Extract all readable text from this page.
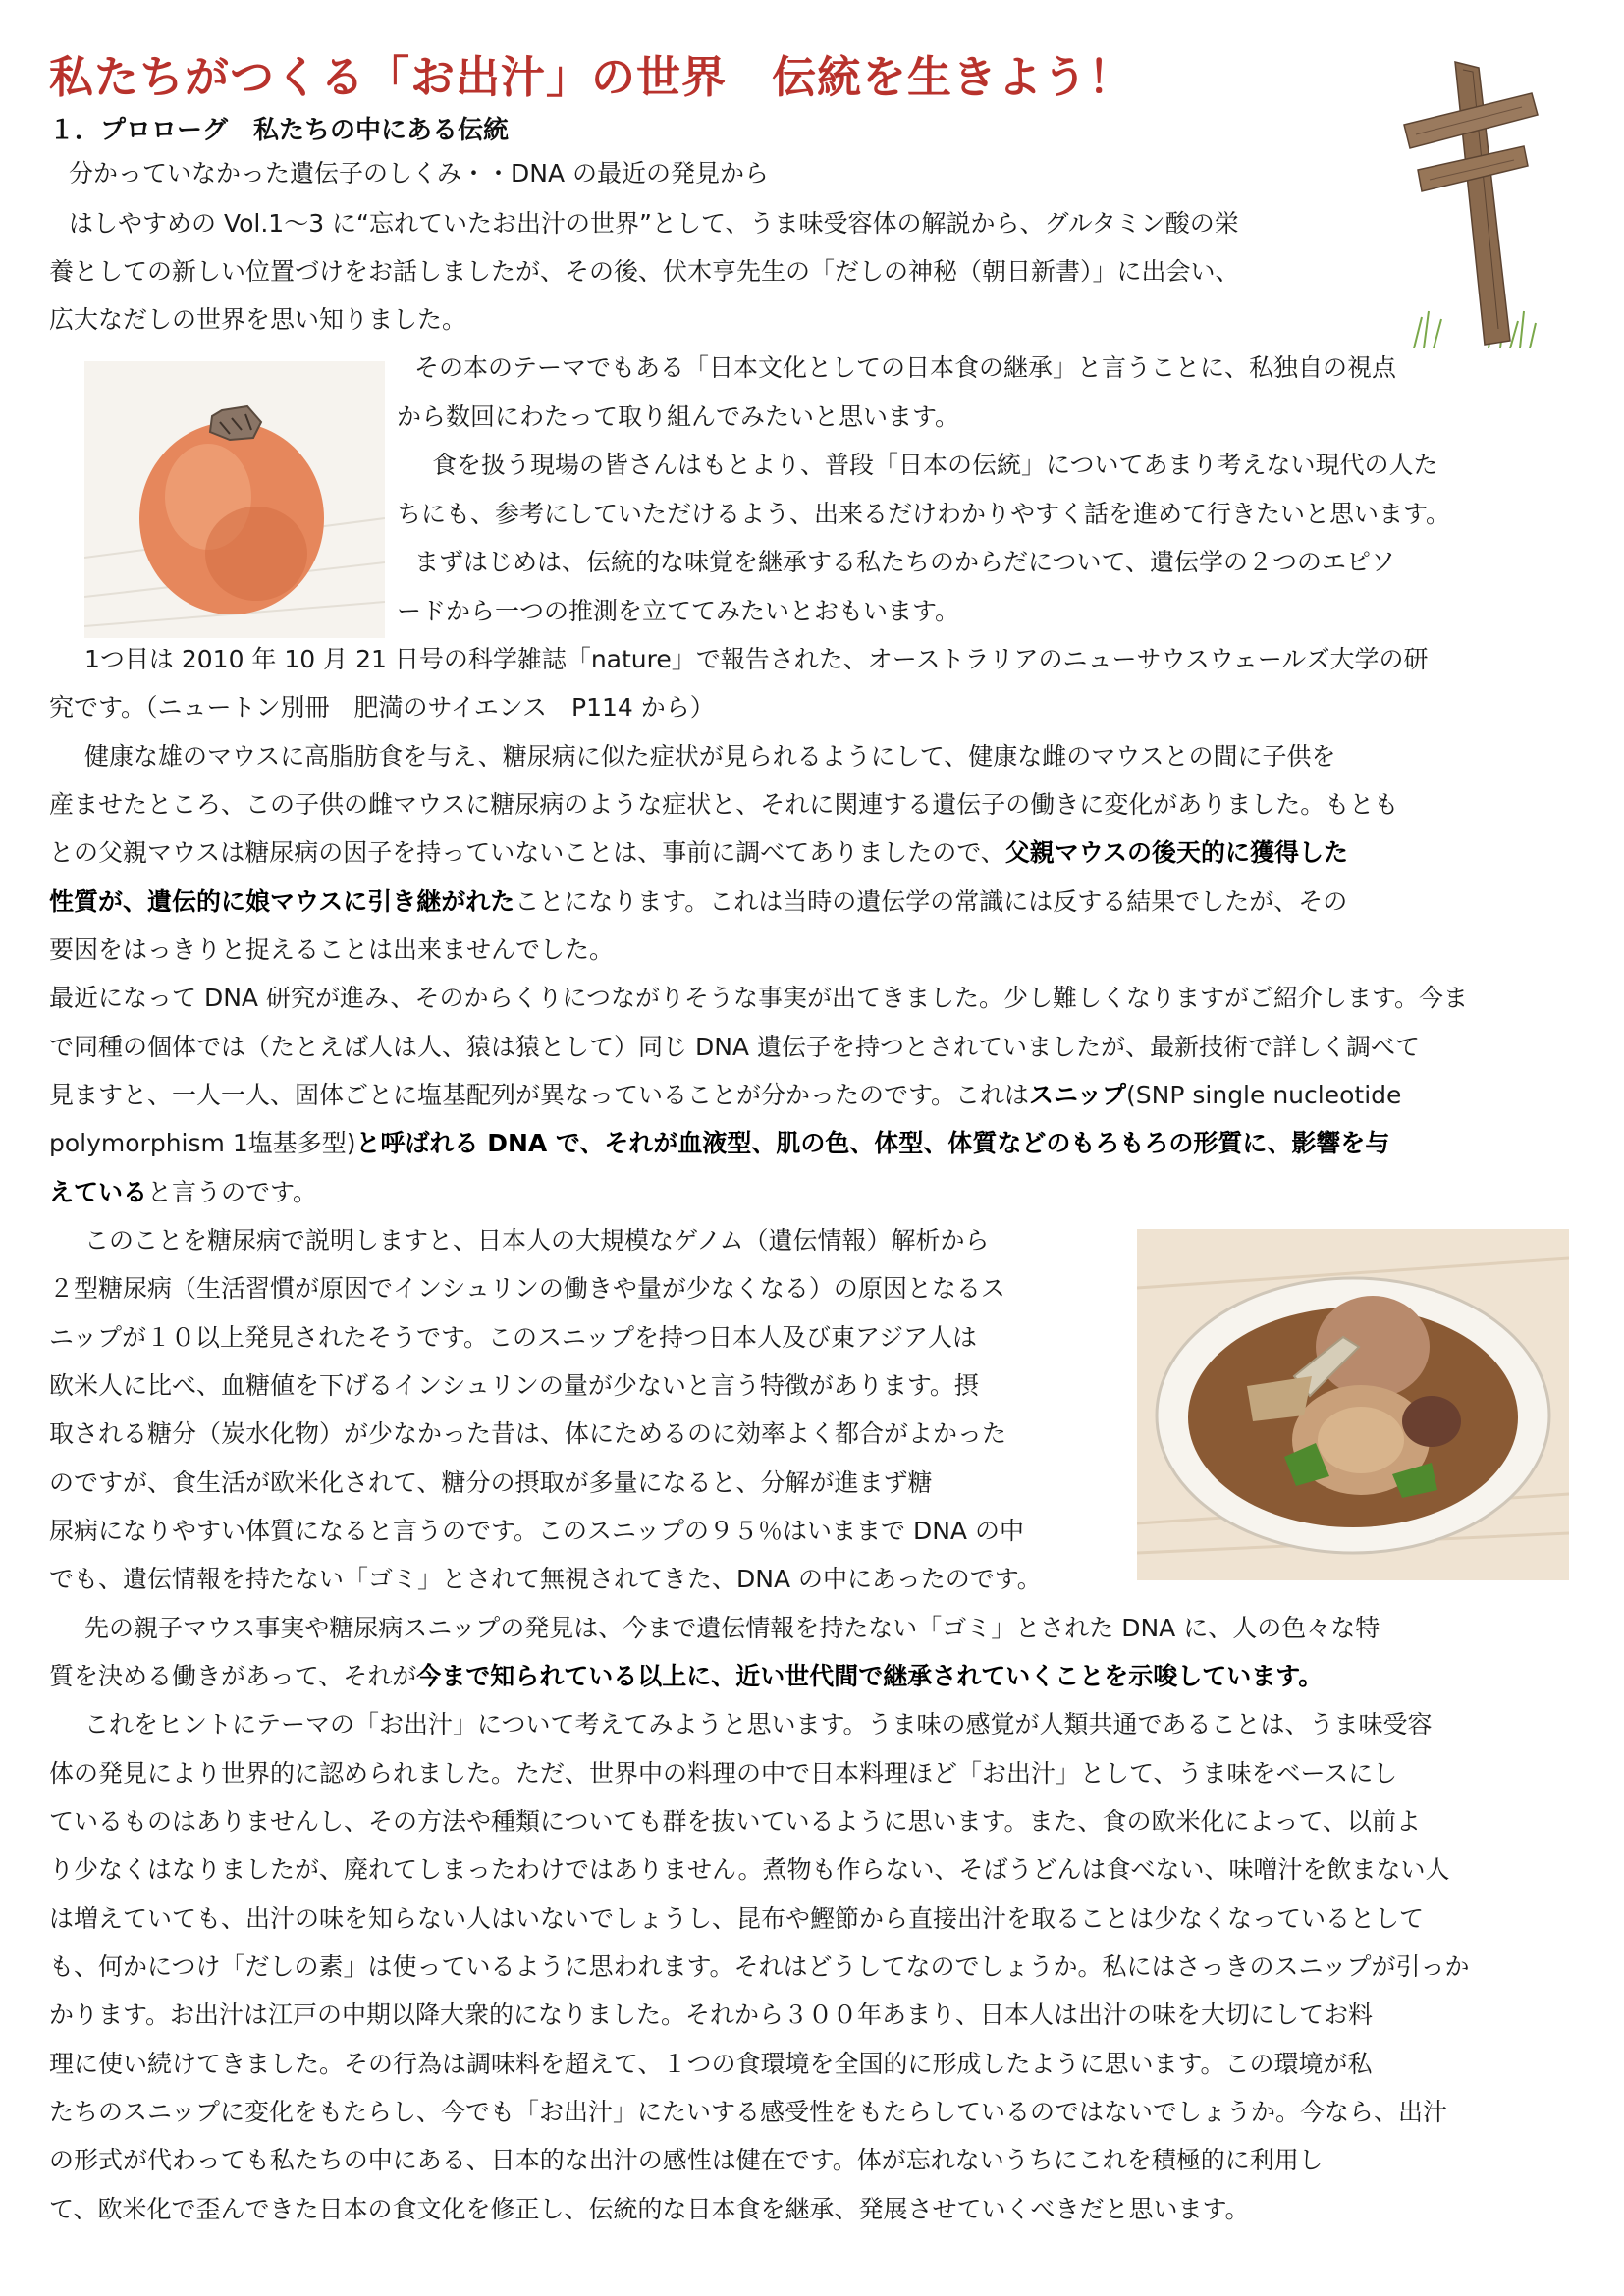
私たちがつくる「お出汁」の世界　伝統を生きよう！
１．プロローグ　私たちの中にある伝統
分かっていなかった遺伝子のしくみ・・DNA の最近の発見から
はしやすめの Vol.1～3 に“忘れていたお出汁の世界”として、うま味受容体の解説から、グルタミン酸の栄
養としての新しい位置づけをお話しましたが、その後、伏木亨先生の「だしの神秘（朝日新書）」に出会い、
広大なだしの世界を思い知りました。
その本のテーマでもある「日本文化としての日本食の継承」と言うことに、私独自の視点
から数回にわたって取り組んでみたいと思います。
食を扱う現場の皆さんはもとより、普段「日本の伝統」についてあまり考えない現代の人た
ちにも、参考にしていただけるよう、出来るだけわかりやすく話を進めて行きたいと思います。
まずはじめは、伝統的な味覚を継承する私たちのからだについて、遺伝学の２つのエピソ
ードから一つの推測を立ててみたいとおもいます。
1つ目は 2010 年 10 月 21 日号の科学雑誌「nature」で報告された、オーストラリアのニューサウスウェールズ大学の研
究です。（ニュートン別冊　肥満のサイエンス　P114 から）
健康な雄のマウスに高脂肪食を与え、糖尿病に似た症状が見られるようにして、健康な雌のマウスとの間に子供を
産ませたところ、この子供の雌マウスに糖尿病のような症状と、それに関連する遺伝子の働きに変化がありました。もとも
との父親マウスは糖尿病の因子を持っていないことは、事前に調べてありましたので、父親マウスの後天的に獲得した
性質が、遺伝的に娘マウスに引き継がれたことになります。これは当時の遺伝学の常識には反する結果でしたが、その
要因をはっきりと捉えることは出来ませんでした。
最近になって DNA 研究が進み、そのからくりにつながりそうな事実が出てきました。少し難しくなりますがご紹介します。今ま
で同種の個体では（たとえば人は人、猿は猿として）同じ DNA 遺伝子を持つとされていましたが、最新技術で詳しく調べて
見ますと、一人一人、固体ごとに塩基配列が異なっていることが分かったのです。これはスニップ(SNP single nucleotide
polymorphism 1塩基多型)と呼ばれる DNA で、それが血液型、肌の色、体型、体質などのもろもろの形質に、影響を与
えていると言うのです。
このことを糖尿病で説明しますと、日本人の大規模なゲノム（遺伝情報）解析から
２型糖尿病（生活習慣が原因でインシュリンの働きや量が少なくなる）の原因となるス
ニップが１０以上発見されたそうです。このスニップを持つ日本人及び東アジア人は
欧米人に比べ、血糖値を下げるインシュリンの量が少ないと言う特徴があります。摂
取される糖分（炭水化物）が少なかった昔は、体にためるのに効率よく都合がよかった
のですが、食生活が欧米化されて、糖分の摂取が多量になると、分解が進まず糖
尿病になりやすい体質になると言うのです。このスニップの９５％はいままで DNA の中
でも、遺伝情報を持たない「ゴミ」とされて無視されてきた、DNA の中にあったのです。
先の親子マウス事実や糖尿病スニップの発見は、今まで遺伝情報を持たない「ゴミ」とされた DNA に、人の色々な特
質を決める働きがあって、それが今まで知られている以上に、近い世代間で継承されていくことを示唆しています。
これをヒントにテーマの「お出汁」について考えてみようと思います。うま味の感覚が人類共通であることは、うま味受容
体の発見により世界的に認められました。ただ、世界中の料理の中で日本料理ほど「お出汁」として、うま味をベースにし
ているものはありませんし、その方法や種類についても群を抜いているように思います。また、食の欧米化によって、以前よ
り少なくはなりましたが、廃れてしまったわけではありません。煮物も作らない、そばうどんは食べない、味噌汁を飲まない人
は増えていても、出汁の味を知らない人はいないでしょうし、昆布や鰹節から直接出汁を取ることは少なくなっているとして
も、何かにつけ「だしの素」は使っているように思われます。それはどうしてなのでしょうか。私にはさっきのスニップが引っか
かります。お出汁は江戸の中期以降大衆的になりました。それから３００年あまり、日本人は出汁の味を大切にしてお料
理に使い続けてきました。その行為は調味料を超えて、１つの食環境を全国的に形成したように思います。この環境が私
たちのスニップに変化をもたらし、今でも「お出汁」にたいする感受性をもたらしているのではないでしょうか。今なら、出汁
の形式が代わっても私たちの中にある、日本的な出汁の感性は健在です。体が忘れないうちにこれを積極的に利用し
て、欧米化で歪んできた日本の食文化を修正し、伝統的な日本食を継承、発展させていくべきだと思います。
